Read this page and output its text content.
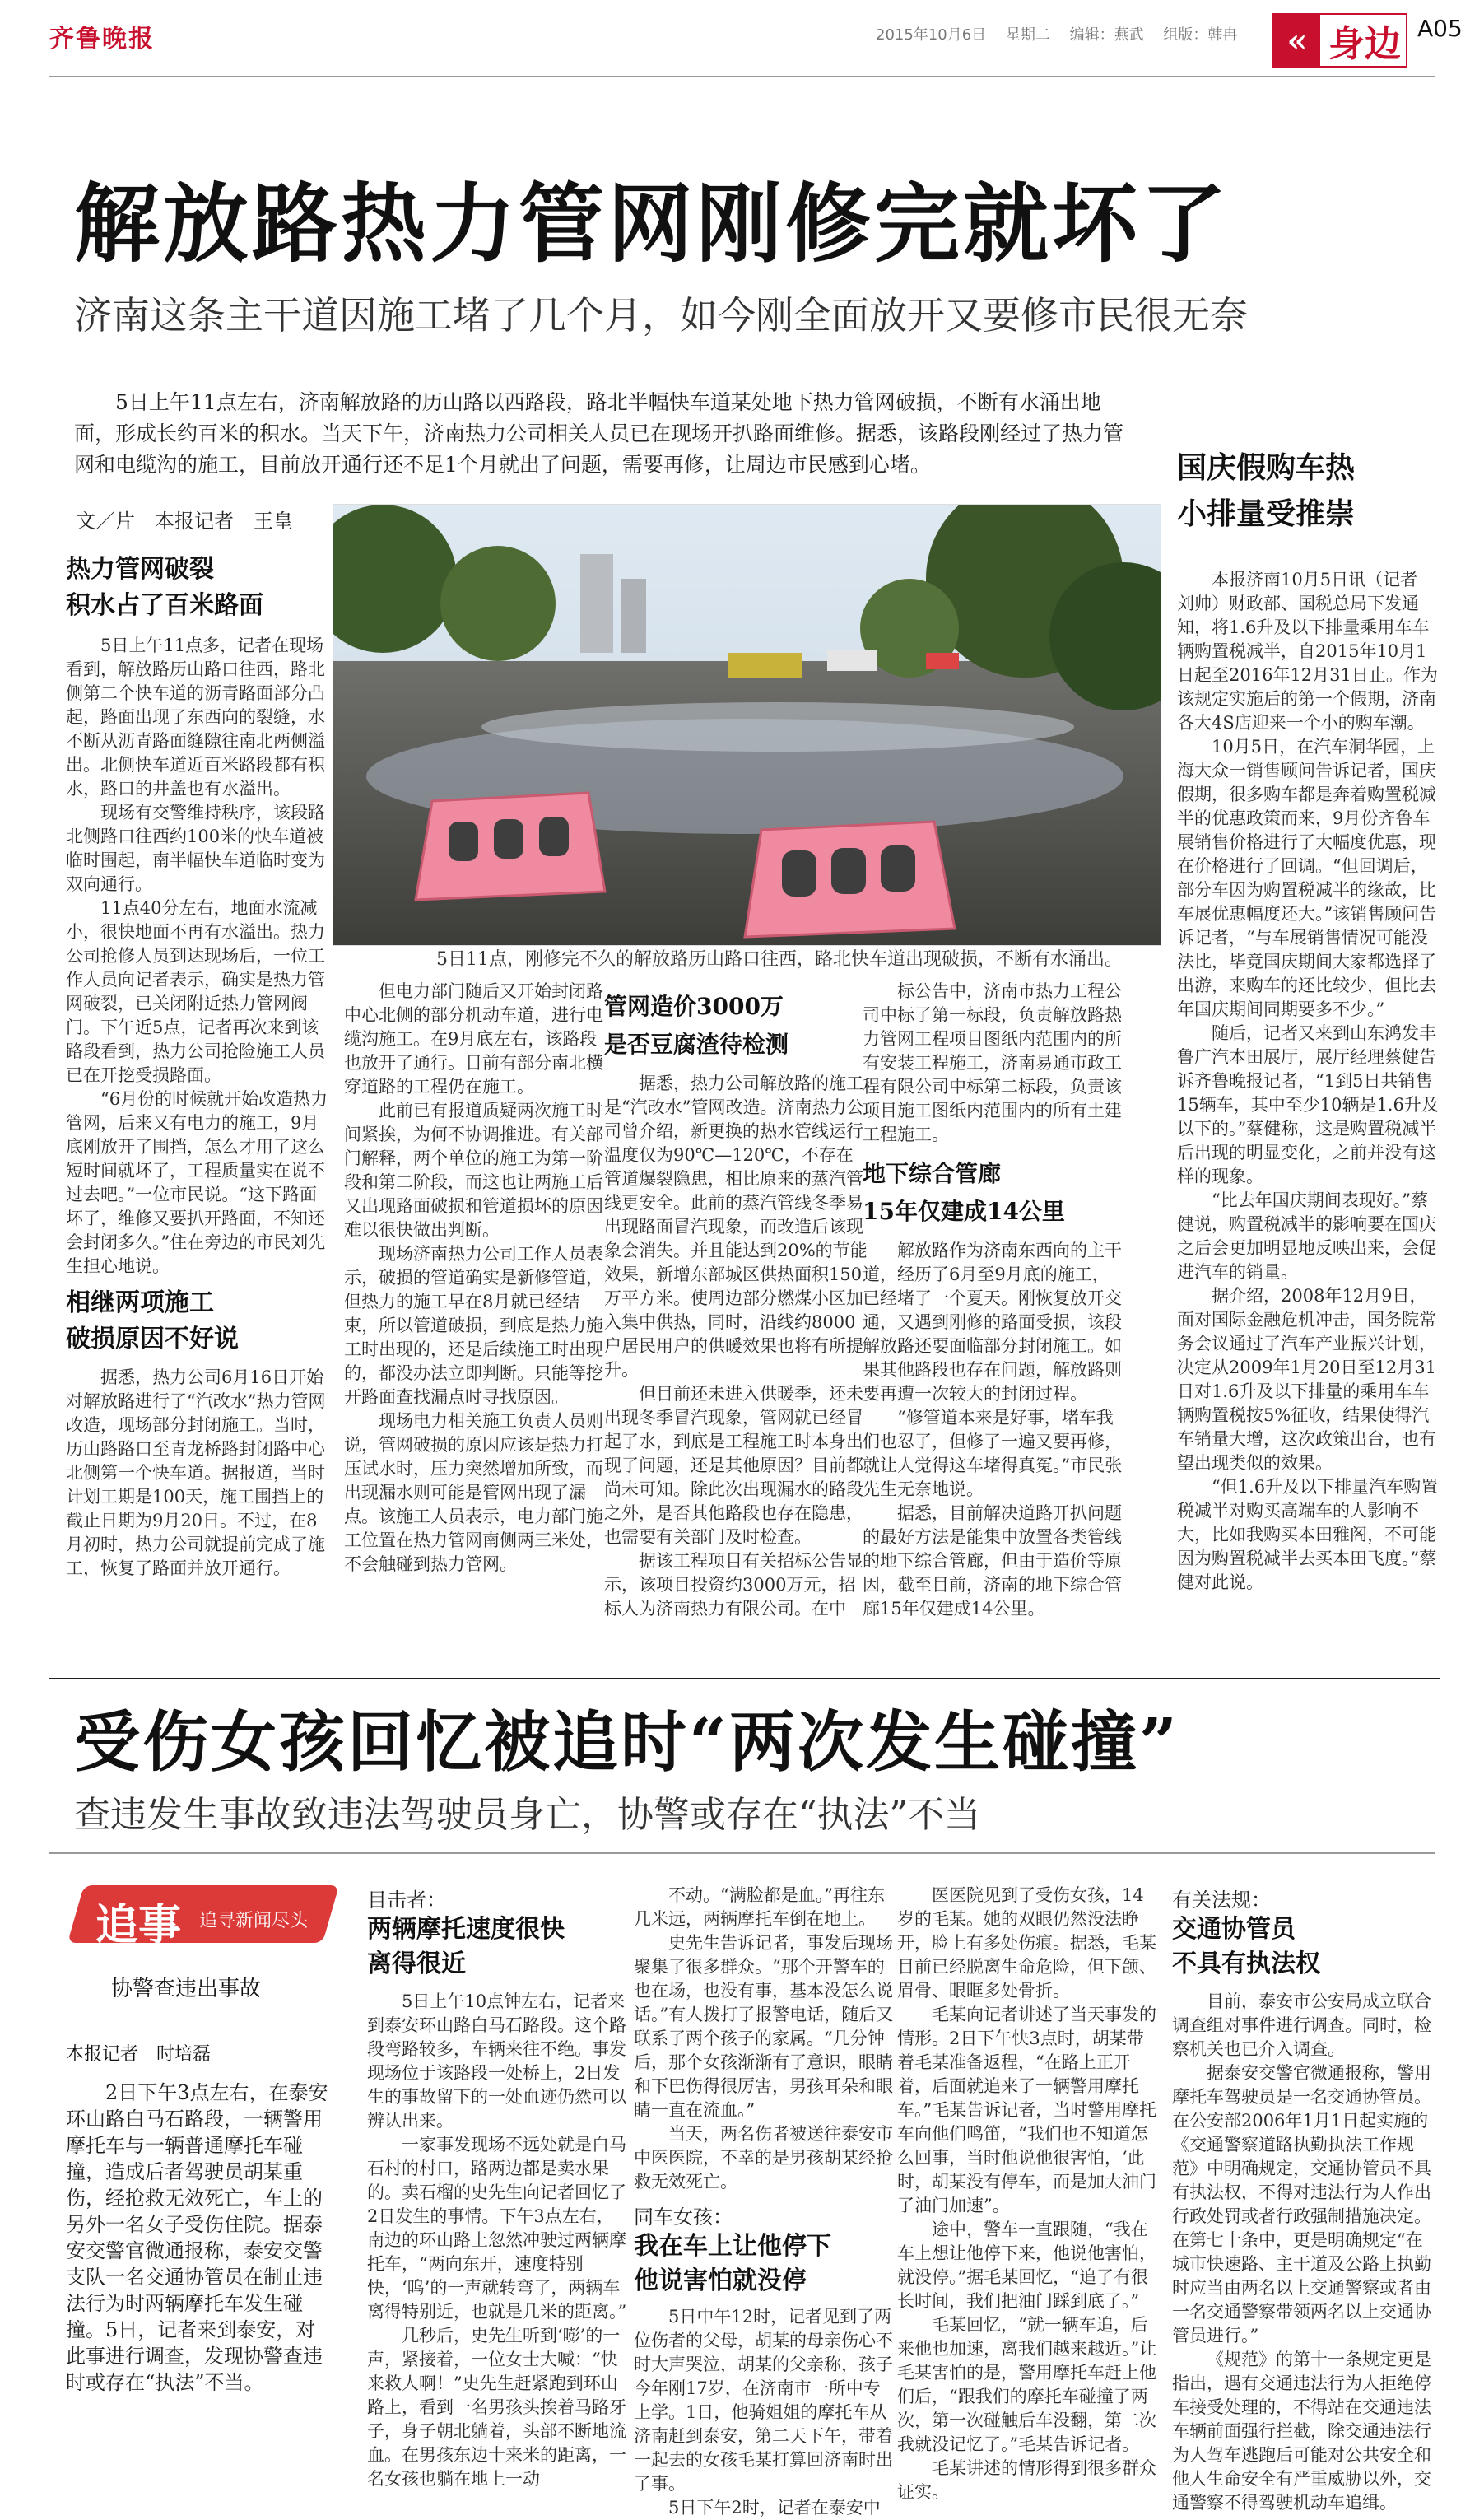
齐鲁晚报	2015年10月6日 星期二 编辑：燕武 组版：韩冉	« 身边 A05
解放路热力管网刚修完就坏了
济南这条主干道因施工堵了几个月，如今刚全面放开又要修市民很无奈
5日上午11点左右，济南解放路的历山路以西路段，路北半幅快车道某处地下热力管网破损，不断有水涌出地面，形成长约百米的积水。当天下午，济南热力公司相关人员已在现场开扒路面维修。据悉，该路段刚经过了热力管网和电缆沟的施工，目前放开通行还不足1个月就出了问题，需要再修，让周边市民感到心堵。
文／片　本报记者　王皇
5日11点，刚修完不久的解放路历山路口往西，路北快车道出现破损，不断有水涌出。
热力管网破裂
积水占了百米路面
5日上午11点多，记者在现场看到，解放路历山路口往西，路北侧第二个快车道的沥青路面部分凸起，路面出现了东西向的裂缝，水不断从沥青路面缝隙往南北两侧溢出。北侧快车道近百米路段都有积水，路口的井盖也有水溢出。
现场有交警维持秩序，该段路北侧路口往西约100米的快车道被临时围起，南半幅快车道临时变为双向通行。
11点40分左右，地面水流减小，很快地面不再有水溢出。热力公司抢修人员到达现场后，一位工作人员向记者表示，确实是热力管网破裂，已关闭附近热力管网阀门。下午近5点，记者再次来到该路段看到，热力公司抢险施工人员已在开挖受损路面。
“6月份的时候就开始改造热力管网，后来又有电力的施工，9月底刚放开了围挡，怎么才用了这么短时间就坏了，工程质量实在说不过去吧。”一位市民说。“这下路面坏了，维修又要扒开路面，不知还会封闭多久。”住在旁边的市民刘先生担心地说。
相继两项施工
破损原因不好说
据悉，热力公司6月16日开始对解放路进行了“汽改水”热力管网改造，现场部分封闭施工。当时，历山路路口至青龙桥路封闭路中心北侧第一个快车道。据报道，当时计划工期是100天，施工围挡上的截止日期为9月20日。不过，在8月初时，热力公司就提前完成了施工，恢复了路面并放开通行。
但电力部门随后又开始封闭路中心北侧的部分机动车道，进行电缆沟施工。在9月底左右，该路段也放开了通行。目前有部分南北横穿道路的工程仍在施工。
此前已有报道质疑两次施工时间紧挨，为何不协调推进。有关部门解释，两个单位的施工为第一阶段和第二阶段，而这也让两施工后又出现路面破损和管道损坏的原因难以很快做出判断。
现场济南热力公司工作人员表示，破损的管道确实是新修管道，但热力的施工早在8月就已经结束，所以管道破损，到底是热力施工时出现的，还是后续施工时出现的，都没办法立即判断。只能等挖开路面查找漏点时寻找原因。
现场电力相关施工负责人员则说，管网破损的原因应该是热力打压试水时，压力突然增加所致，而出现漏水则可能是管网出现了漏点。该施工人员表示，电力部门施工位置在热力管网南侧两三米处，不会触碰到热力管网。
管网造价3000万
是否豆腐渣待检测
据悉，热力公司解放路的施工是“汽改水”管网改造。济南热力公司曾介绍，新更换的热水管线运行温度仅为90℃—120℃，不存在管道爆裂隐患，相比原来的蒸汽管线更安全。此前的蒸汽管线冬季易出现路面冒汽现象，而改造后该现象会消失。并且能达到20%的节能效果，新增东部城区供热面积150万平方米。使周边部分燃煤小区加入集中供热，同时，沿线约8000户居民用户的供暖效果也将有所提升。
但目前还未进入供暖季，还未出现冬季冒汽现象，管网就已经冒起了水，到底是工程施工时本身出现了问题，还是其他原因？目前都尚未可知。除此次出现漏水的路段之外，是否其他路段也存在隐患，也需要有关部门及时检查。
据该工程项目有关招标公告显示，该项目投资约3000万元，招标人为济南热力有限公司。在中
标公告中，济南市热力工程公司中标了第一标段，负责解放路热力管网工程项目图纸内范围内的所有安装工程施工，济南易通市政工程有限公司中标第二标段，负责该项目施工图纸内范围内的所有土建工程施工。
地下综合管廊
15年仅建成14公里
解放路作为济南东西向的主干道，经历了6月至9月底的施工，已经堵了一个夏天。刚恢复放开交通，又遇到刚修的路面受损，该段解放路还要面临部分封闭施工。如果其他路段也存在问题，解放路则要再遭一次较大的封闭过程。
“修管道本来是好事，堵车我们也忍了，但修了一遍又要再修，就让人觉得这车堵得真冤。”市民张先生无奈地说。
据悉，目前解决道路开扒问题的最好方法是能集中放置各类管线的地下综合管廊，但由于造价等原因，截至目前，济南的地下综合管廊15年仅建成14公里。
国庆假购车热
小排量受推崇
本报济南10月5日讯（记者　刘帅）财政部、国税总局下发通知，将1.6升及以下排量乘用车车辆购置税减半，自2015年10月1日起至2016年12月31日止。作为该规定实施后的第一个假期，济南各大4S店迎来一个小的购车潮。
10月5日，在汽车洞华园，上海大众一销售顾问告诉记者，国庆假期，很多购车都是奔着购置税减半的优惠政策而来，9月份齐鲁车展销售价格进行了大幅度优惠，现在价格进行了回调。“但回调后，部分车因为购置税减半的缘故，比车展优惠幅度还大。”该销售顾问告诉记者，“与车展销售情况可能没法比，毕竟国庆期间大家都选择了出游，来购车的还比较少，但比去年国庆期间同期要多不少。”
随后，记者又来到山东鸿发丰鲁广汽本田展厅，展厅经理蔡健告诉齐鲁晚报记者，“1到5日共销售15辆车，其中至少10辆是1.6升及以下的。”蔡健称，这是购置税减半后出现的明显变化，之前并没有这样的现象。
“比去年国庆期间表现好。”蔡健说，购置税减半的影响要在国庆之后会更加明显地反映出来，会促进汽车的销量。
据介绍，2008年12月9日，面对国际金融危机冲击，国务院常务会议通过了汽车产业振兴计划，决定从2009年1月20日至12月31日对1.6升及以下排量的乘用车车辆购置税按5%征收，结果使得汽车销量大增，这次政策出台，也有望出现类似的效果。
“但1.6升及以下排量汽车购置税减半对购买高端车的人影响不大，比如我购买本田雅阁，不可能因为购置税减半去买本田飞度。”蔡健对此说。
受伤女孩回忆被追时“两次发生碰撞”
查违发生事故致违法驾驶员身亡，协警或存在“执法”不当
追事 追寻新闻尽头
协警查违出事故
本报记者　时培磊
2日下午3点左右，在泰安环山路白马石路段，一辆警用摩托车与一辆普通摩托车碰撞，造成后者驾驶员胡某重伤，经抢救无效死亡，车上的另外一名女子受伤住院。据泰安交警官微通报称，泰安交警支队一名交通协管员在制止违法行为时两辆摩托车发生碰撞。5日，记者来到泰安，对此事进行调查，发现协警查违时或存在“执法”不当。
目击者：
两辆摩托速度很快
离得很近
5日上午10点钟左右，记者来到泰安环山路白马石路段。这个路段弯路较多，车辆来往不绝。事发现场位于该路段一处桥上，2日发生的事故留下的一处血迹仍然可以辨认出来。
一家事发现场不远处就是白马石村的村口，路两边都是卖水果的。卖石榴的史先生向记者回忆了2日发生的事情。下午3点左右，南边的环山路上忽然冲驶过两辆摩托车，“两向东开，速度特别快，‘呜’的一声就转弯了，两辆车离得特别近，也就是几米的距离。”
几秒后，史先生听到‘嘭’的一声，紧接着，一位女士大喊：“快来救人啊！”史先生赶紧跑到环山路上，看到一名男孩头挨着马路牙子，身子朝北躺着，头部不断地流血。在男孩东边十来米的距离，一名女孩也躺在地上一动
不动。“满脸都是血。”再往东几米远，两辆摩托车倒在地上。
史先生告诉记者，事发后现场聚集了很多群众。“那个开警车的也在场，也没有事，基本没怎么说话。”有人拨打了报警电话，随后又联系了两个孩子的家属。“几分钟后，那个女孩渐渐有了意识，眼睛和下巴伤得很厉害，男孩耳朵和眼睛一直在流血。”
当天，两名伤者被送往泰安市中医医院，不幸的是男孩胡某经抢救无效死亡。
同车女孩：
我在车上让他停下
他说害怕就没停
5日中午12时，记者见到了两位伤者的父母，胡某的母亲伤心不时大声哭泣，胡某的父亲称，孩子今年刚17岁，在济南市一所中专上学。1日，他骑姐姐的摩托车从济南赶到泰安，第二天下午，带着一起去的女孩毛某打算回济南时出了事。
5日下午2时，记者在泰安中
医医院见到了受伤女孩，14岁的毛某。她的双眼仍然没法睁开，脸上有多处伤痕。据悉，毛某目前已经脱离生命危险，但下颌、眉骨、眼眶多处骨折。
毛某向记者讲述了当天事发的情形。2日下午快3点时，胡某带着毛某准备返程，“在路上正开着，后面就追来了一辆警用摩托车。”毛某告诉记者，当时警用摩托车向他们鸣笛，“我们也不知道怎么回事，当时他说他很害怕，‘此时，胡某没有停车，而是加大油门了油门加速”。
途中，警车一直跟随，“我在车上想让他停下来，他说他害怕，就没停。”据毛某回忆，“追了有很长时间，我们把油门踩到底了。”
毛某回忆，“就一辆车追，后来他也加速，离我们越来越近。”让毛某害怕的是，警用摩托车赶上他们后，“跟我们的摩托车碰撞了两次，第一次碰触后车没翻，第二次我就没记忆了。”毛某告诉记者。
毛某讲述的情形得到很多群众证实。
有关法规：
交通协管员
不具有执法权
目前，泰安市公安局成立联合调查组对事件进行调查。同时，检察机关也已介入调查。
据泰安交警官微通报称，警用摩托车驾驶员是一名交通协管员。在公安部2006年1月1日起实施的《交通警察道路执勤执法工作规范》中明确规定，交通协管员不具有执法权，不得对违法行为人作出行政处罚或者行政强制措施决定。在第七十条中，更是明确规定“在城市快速路、主干道及公路上执勤时应当由两名以上交通警察或者由一名交通警察带领两名以上交通协管员进行。”
《规范》的第十一条规定更是指出，遇有交通违法行为人拒绝停车接受处理的，不得站在交通违法车辆前面强行拦截，除交通违法行为人驾车逃跑后可能对公共安全和他人生命安全有严重威胁以外，交通警察不得驾驶机动车追缉。
